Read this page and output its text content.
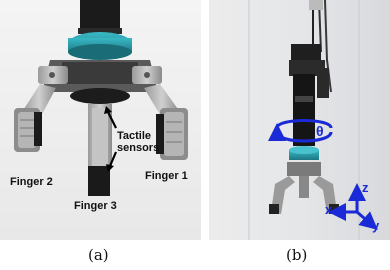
Tactile
sensors
Finger 1
Finger 2
Finger 3
θ
z
x
y
(a)	(b)
